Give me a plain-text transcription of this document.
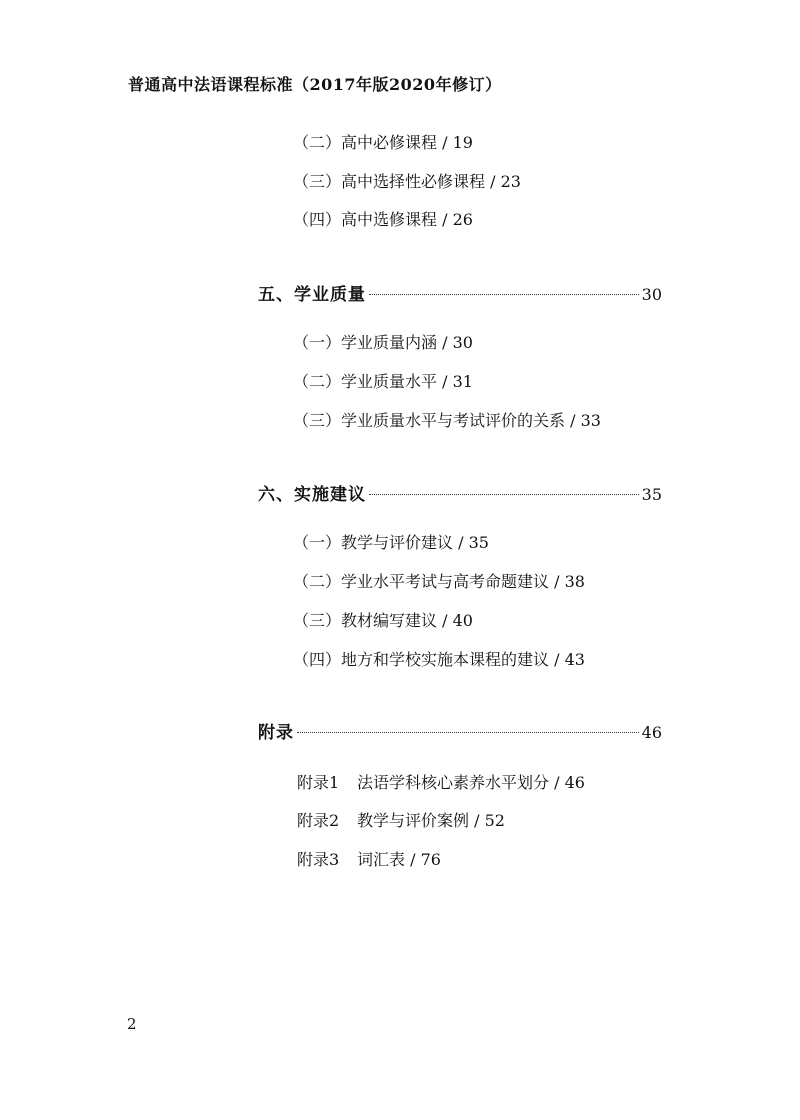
普通高中法语课程标准（2017年版2020年修订）
（二）高中必修课程 / 19
（三）高中选择性必修课程 / 23
（四）高中选修课程 / 26
五、学业质量	30
（一）学业质量内涵 / 30
（二）学业质量水平 / 31
（三）学业质量水平与考试评价的关系 / 33
六、实施建议	35
（一）教学与评价建议 / 35
（二）学业水平考试与高考命题建议 / 38
（三）教材编写建议 / 40
（四）地方和学校实施本课程的建议 / 43
附录	46
附录1 法语学科核心素养水平划分 / 46
附录2 教学与评价案例 / 52
附录3 词汇表 / 76
2
